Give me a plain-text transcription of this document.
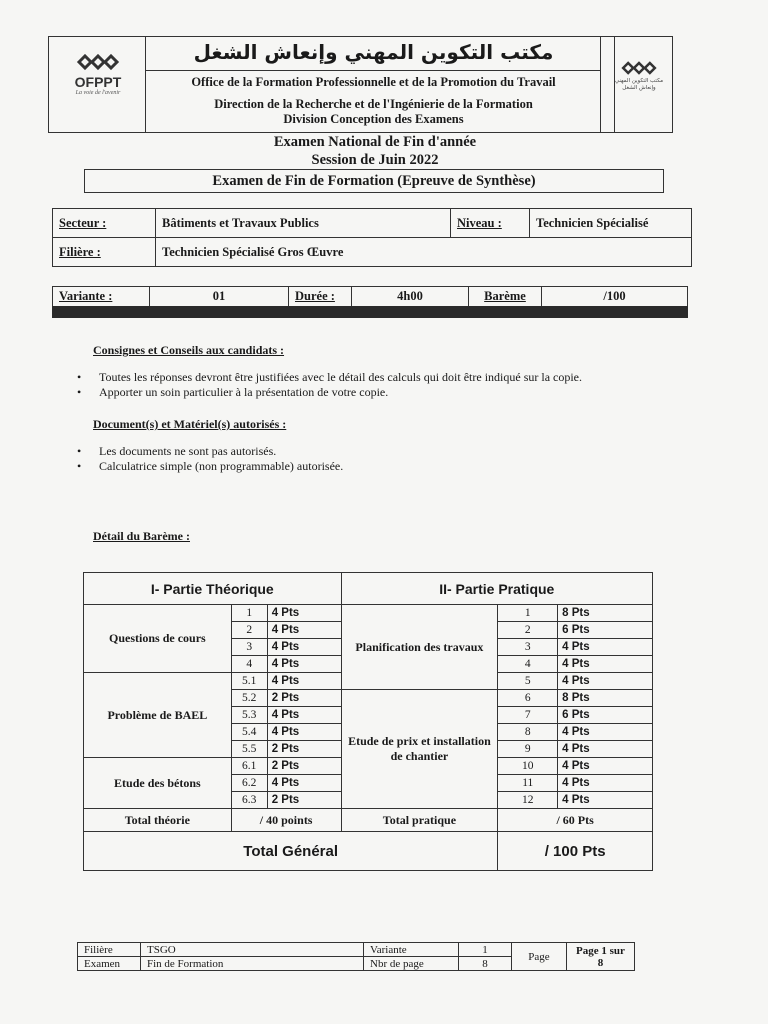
OFPPT
La voie de l'avenir
مكتب التكوين المهني وإنعاش الشغل
مكتب التكوين المهني وإنعاش الشغل
Office de la Formation Professionnelle et de la Promotion du Travail
Direction de la Recherche et de l'Ingénierie de la Formation
Division Conception des Examens
Examen National de Fin d'année
Session de Juin 2022
Examen de Fin de Formation (Epreuve de Synthèse)
Secteur :	Bâtiments et Travaux Publics	Niveau :	Technicien Spécialisé
Filière :	Technicien Spécialisé Gros Œuvre		
Variante :	01	Durée :	4h00	Barème	/100
Consignes et Conseils aux candidats :
• Toutes les réponses devront être justifiées avec le détail des calculs qui doit être indiqué sur la copie.
• Apporter un soin particulier à la présentation de votre copie.
Document(s) et Matériel(s) autorisés :
• Les documents ne sont pas autorisés.
• Calculatrice simple (non programmable) autorisée.
Détail du Barème :
I- Partie Théorique			II- Partie Pratique		
Questions de cours	1	4 Pts	Planification des travaux	1	8 Pts
	2	4 Pts		2	6 Pts
	3	4 Pts		3	4 Pts
	4	4 Pts		4	4 Pts
Problème de BAEL	5.1	4 Pts		5	4 Pts
	5.2	2 Pts	Etude de prix et installation de chantier	6	8 Pts
	5.3	4 Pts		7	6 Pts
	5.4	4 Pts		8	4 Pts
	5.5	2 Pts		9	4 Pts
Etude des bétons	6.1	2 Pts		10	4 Pts
	6.2	4 Pts		11	4 Pts
	6.3	2 Pts		12	4 Pts
Total théorie	/ 40 points		Total pratique	/ 60 Pts	
Total Général				/ 100 Pts	
Filière	TSGO	Variante	1	Page	Page 1 sur 8
Examen	Fin de Formation	Nbr de page	8		
